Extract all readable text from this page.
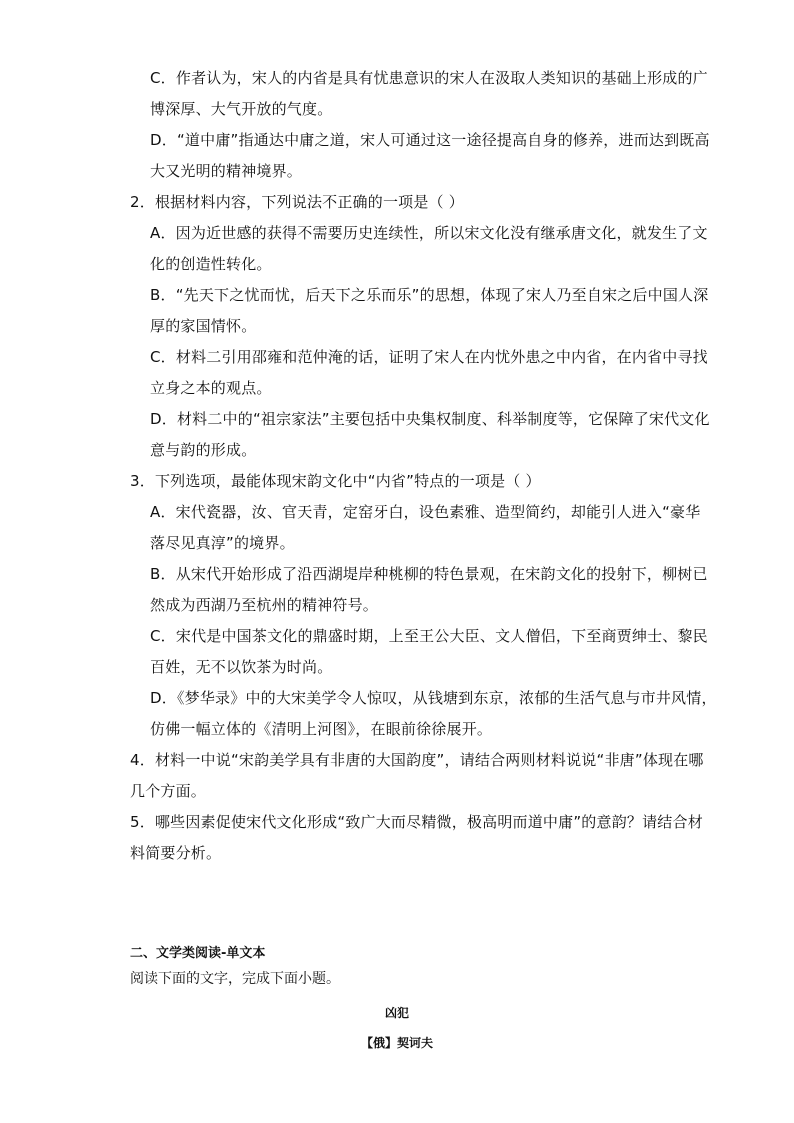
C．作者认为，宋人的内省是具有忧患意识的宋人在汲取人类知识的基础上形成的广
博深厚、大气开放的气度。
D．“道中庸”指通达中庸之道，宋人可通过这一途径提高自身的修养，进而达到既高
大又光明的精神境界。
2．根据材料内容，下列说法不正确的一项是（ ）
A．因为近世感的获得不需要历史连续性，所以宋文化没有继承唐文化，就发生了文
化的创造性转化。
B．“先天下之忧而忧，后天下之乐而乐”的思想，体现了宋人乃至自宋之后中国人深
厚的家国情怀。
C．材料二引用邵雍和范仲淹的话，证明了宋人在内忧外患之中内省，在内省中寻找
立身之本的观点。
D．材料二中的“祖宗家法”主要包括中央集权制度、科举制度等，它保障了宋代文化
意与韵的形成。
3．下列选项，最能体现宋韵文化中“内省”特点的一项是（ ）
A．宋代瓷器，汝、官天青，定窑牙白，设色素雅、造型简约，却能引人进入“豪华
落尽见真淳”的境界。
B．从宋代开始形成了沿西湖堤岸种桃柳的特色景观，在宋韵文化的投射下，柳树已
然成为西湖乃至杭州的精神符号。
C．宋代是中国茶文化的鼎盛时期，上至王公大臣、文人僧侣，下至商贾绅士、黎民
百姓，无不以饮茶为时尚。
D．《梦华录》中的大宋美学令人惊叹，从钱塘到东京，浓郁的生活气息与市井风情，
仿佛一幅立体的《清明上河图》，在眼前徐徐展开。
4．材料一中说“宋韵美学具有非唐的大国韵度”，请结合两则材料说说“非唐”体现在哪
几个方面。
5．哪些因素促使宋代文化形成“致广大而尽精微，极高明而道中庸”的意韵？请结合材
料简要分析。
二、文学类阅读-单文本
阅读下面的文字，完成下面小题。
凶犯
【俄】契诃夫
